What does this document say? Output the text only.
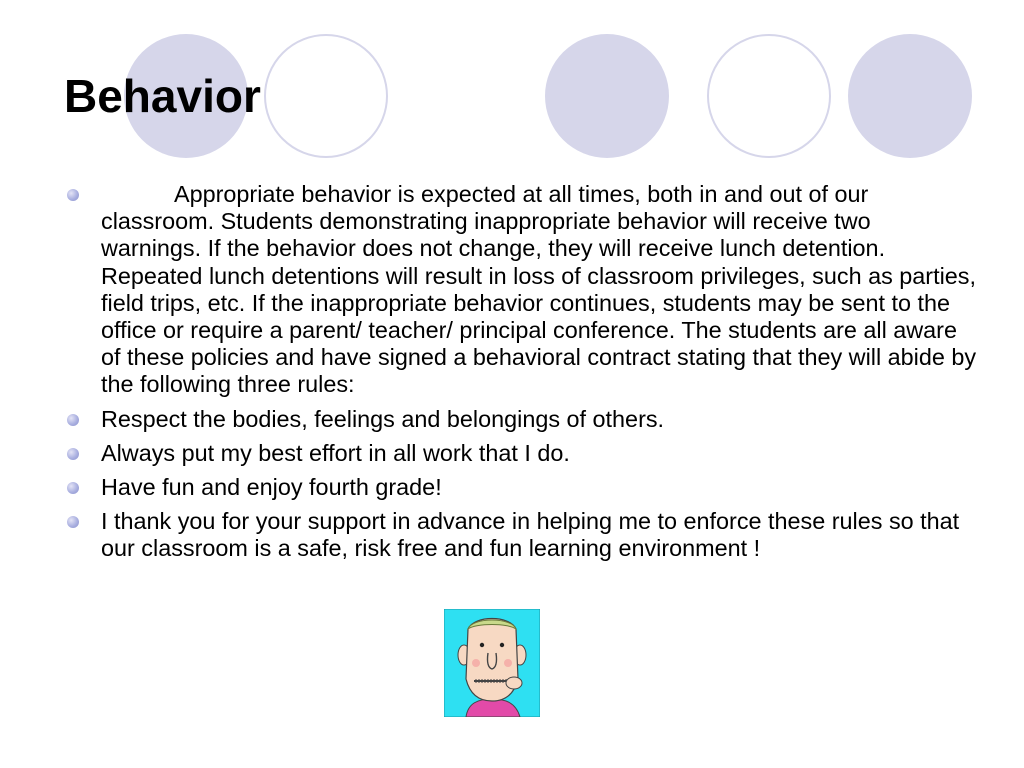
Behavior
Appropriate behavior is expected at all times, both in and out of our classroom. Students demonstrating inappropriate behavior will receive two warnings. If the behavior does not change, they will receive lunch detention. Repeated lunch detentions will result in loss of classroom privileges, such as parties, field trips, etc. If the inappropriate behavior continues, students may be sent to the office or require a parent/ teacher/ principal conference. The students are all aware of these policies and have signed a behavioral contract stating that they will abide by the following three rules:
Respect the bodies, feelings and belongings of others.
Always put my best effort in all work that I do.
Have fun and enjoy fourth grade!
I thank you for your support in advance in helping me to enforce these rules so that our classroom is a safe, risk free and fun learning environment !
